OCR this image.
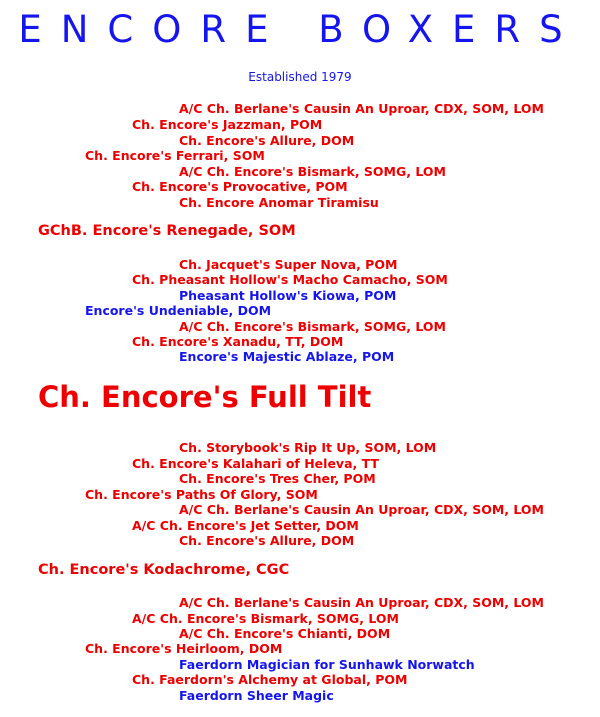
ENCORE BOXERS
Established 1979
A/C Ch. Berlane's Causin An Uproar, CDX, SOM, LOM
Ch. Encore's Jazzman, POM
Ch. Encore's Allure, DOM
Ch. Encore's Ferrari, SOM
A/C Ch. Encore's Bismark, SOMG, LOM
Ch. Encore's Provocative, POM
Ch. Encore Anomar Tiramisu
GChB. Encore's Renegade, SOM
Ch. Jacquet's Super Nova, POM
Ch. Pheasant Hollow's Macho Camacho, SOM
Pheasant Hollow's Kiowa, POM
Encore's Undeniable, DOM
A/C Ch. Encore's Bismark, SOMG, LOM
Ch. Encore's Xanadu, TT, DOM
Encore's Majestic Ablaze, POM
Ch. Encore's Full Tilt
Ch. Storybook's Rip It Up, SOM, LOM
Ch. Encore's Kalahari of Heleva, TT
Ch. Encore's Tres Cher, POM
Ch. Encore's Paths Of Glory, SOM
A/C Ch. Berlane's Causin An Uproar, CDX, SOM, LOM
A/C Ch. Encore's Jet Setter, DOM
Ch. Encore's Allure, DOM
Ch. Encore's Kodachrome, CGC
A/C Ch. Berlane's Causin An Uproar, CDX, SOM, LOM
A/C Ch. Encore's Bismark, SOMG, LOM
A/C Ch. Encore's Chianti, DOM
Ch. Encore's Heirloom, DOM
Faerdorn Magician for Sunhawk Norwatch
Ch. Faerdorn's Alchemy at Global, POM
Faerdorn Sheer Magic
